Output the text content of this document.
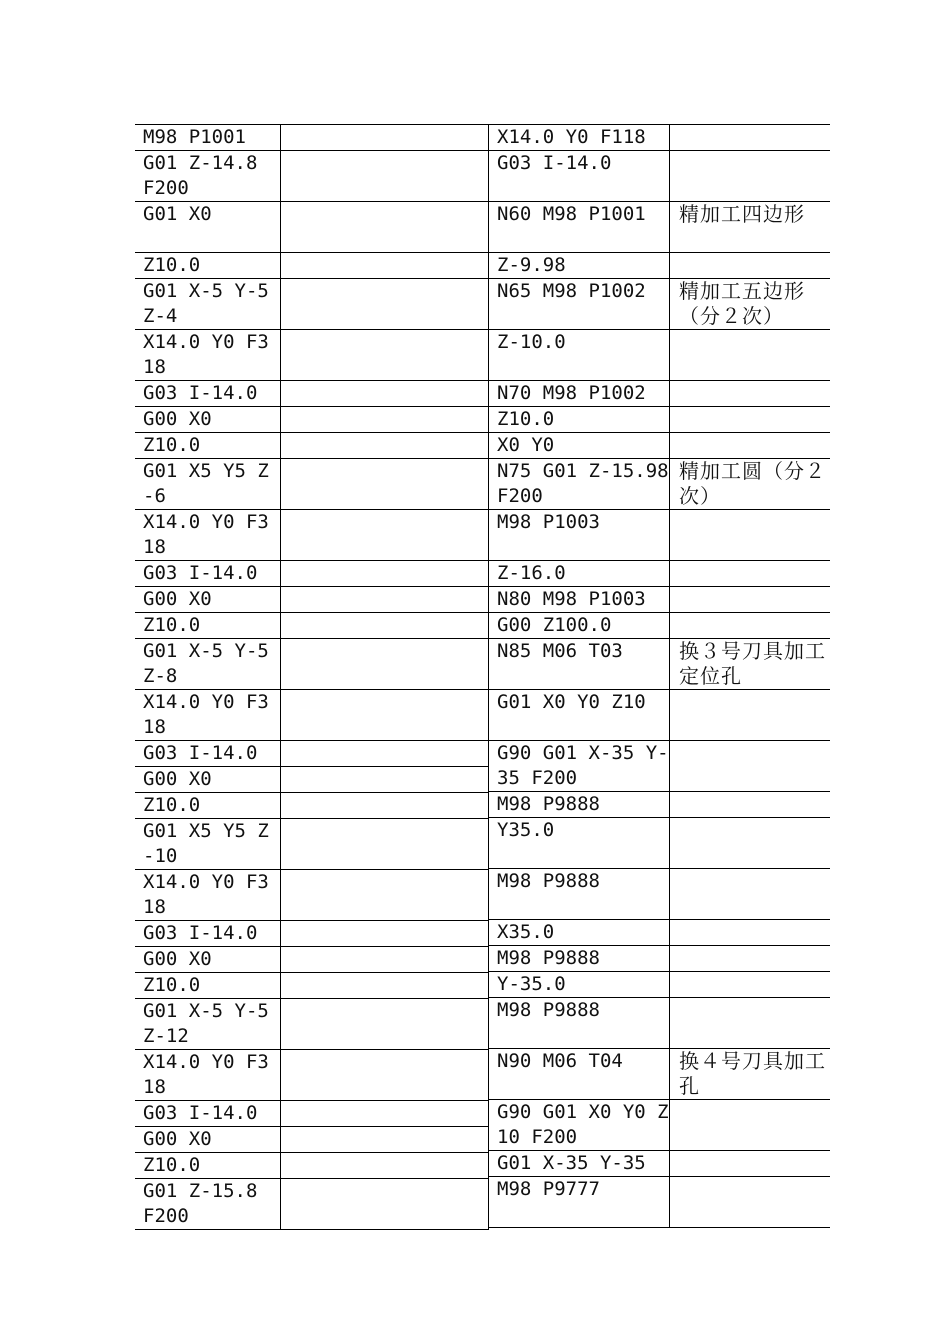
M98 P1001	
G01 Z-14.8 F200	
G01 X0	
Z10.0	
G01 X-5 Y-5 Z-4	
X14.0 Y0 F318	
G03 I-14.0	
G00 X0	
Z10.0	
G01 X5 Y5 Z-6	
X14.0 Y0 F318	
G03 I-14.0	
G00 X0	
Z10.0	
G01 X-5 Y-5 Z-8	
X14.0 Y0 F318	
G03 I-14.0	
G00 X0	
Z10.0	
G01 X5 Y5 Z-10	
X14.0 Y0 F318	
G03 I-14.0	
G00 X0	
Z10.0	
G01 X-5 Y-5 Z-12	
X14.0 Y0 F318	
G03 I-14.0	
G00 X0	
Z10.0	
G01 Z-15.8 F200	
X14.0 Y0 F118	
G03 I-14.0	
N60 M98 P1001	精加工四边形
Z-9.98	
N65 M98 P1002	精加工五边形（分２次）
Z-10.0	
N70 M98 P1002	
Z10.0	
X0 Y0	
N75 G01 Z-15.98 F200	精加工圆（分２次）
M98 P1003	
Z-16.0	
N80 M98 P1003	
G00 Z100.0	
N85 M06 T03	换３号刀具加工定位孔
G01 X0 Y0 Z10	
G90 G01 X-35 Y-35 F200	
M98 P9888	
Y35.0	
M98 P9888	
X35.0	
M98 P9888	
Y-35.0	
M98 P9888	
N90 M06 T04	换４号刀具加工孔
G90 G01 X0 Y0 Z10 F200	
G01 X-35 Y-35	
M98 P9777	
